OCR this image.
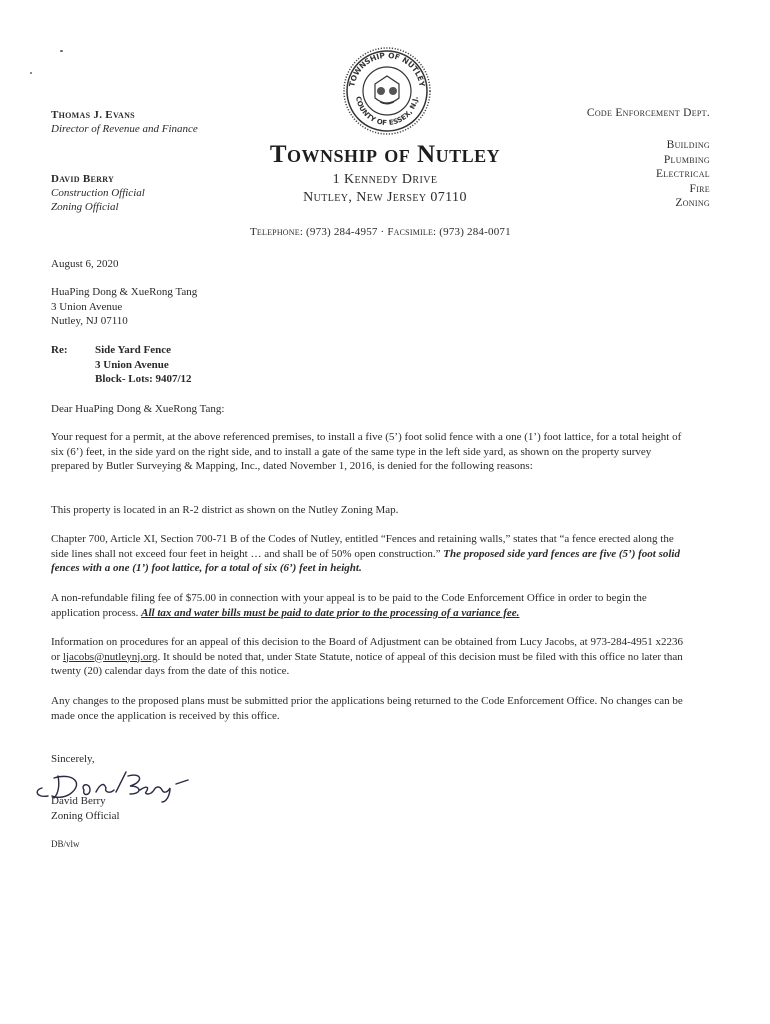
Thomas J. Evans
Director of Revenue and Finance
David Berry
Construction Official
Zoning Official
TOWNSHIP OF NUTLEY
COUNTY OF ESSEX, N.J.
Code Enforcement Dept.
Building
Plumbing
Electrical
Fire
Zoning
Township of Nutley
1 Kennedy Drive
Nutley, New Jersey 07110
Telephone: (973) 284-4957 · Facsimile: (973) 284-0071
August 6, 2020
HuaPing Dong & XueRong Tang
3 Union Avenue
Nutley, NJ 07110
Re:	Side Yard Fence
3 Union Avenue
Block- Lots: 9407/12
Dear HuaPing Dong & XueRong Tang:

Your request for a permit, at the above referenced premises, to install a five (5’) foot solid fence with a one (1’) foot lattice, for a total height of six (6’) feet, in the side yard on the right side, and to install a gate of the same type in the left side yard, as shown on the property survey prepared by Butler Surveying & Mapping, Inc., dated November 1, 2016, is denied for the following reasons:

This property is located in an R-2 district as shown on the Nutley Zoning Map.

Chapter 700, Article XI, Section 700-71 B of the Codes of Nutley, entitled “Fences and retaining walls,” states that “a fence erected along the side lines shall not exceed four feet in height … and shall be of 50% open construction.” The proposed side yard fences are five (5’) foot solid fences with a one (1’) foot lattice, for a total of six (6’) feet in height.

A non-refundable filing fee of $75.00 in connection with your appeal is to be paid to the Code Enforcement Office in order to begin the application process. All tax and water bills must be paid to date prior to the processing of a variance fee.

Information on procedures for an appeal of this decision to the Board of Adjustment can be obtained from Lucy Jacobs, at 973-284-4951 x2236 or ljacobs@nutleynj.org. It should be noted that, under State Statute, notice of appeal of this decision must be filed with this office no later than twenty (20) calendar days from the date of this notice.

Any changes to the proposed plans must be submitted prior the applications being returned to the Code Enforcement Office. No changes can be made once the application is received by this office.

Sincerely,
David Berry
Zoning Official
DB/vlw
